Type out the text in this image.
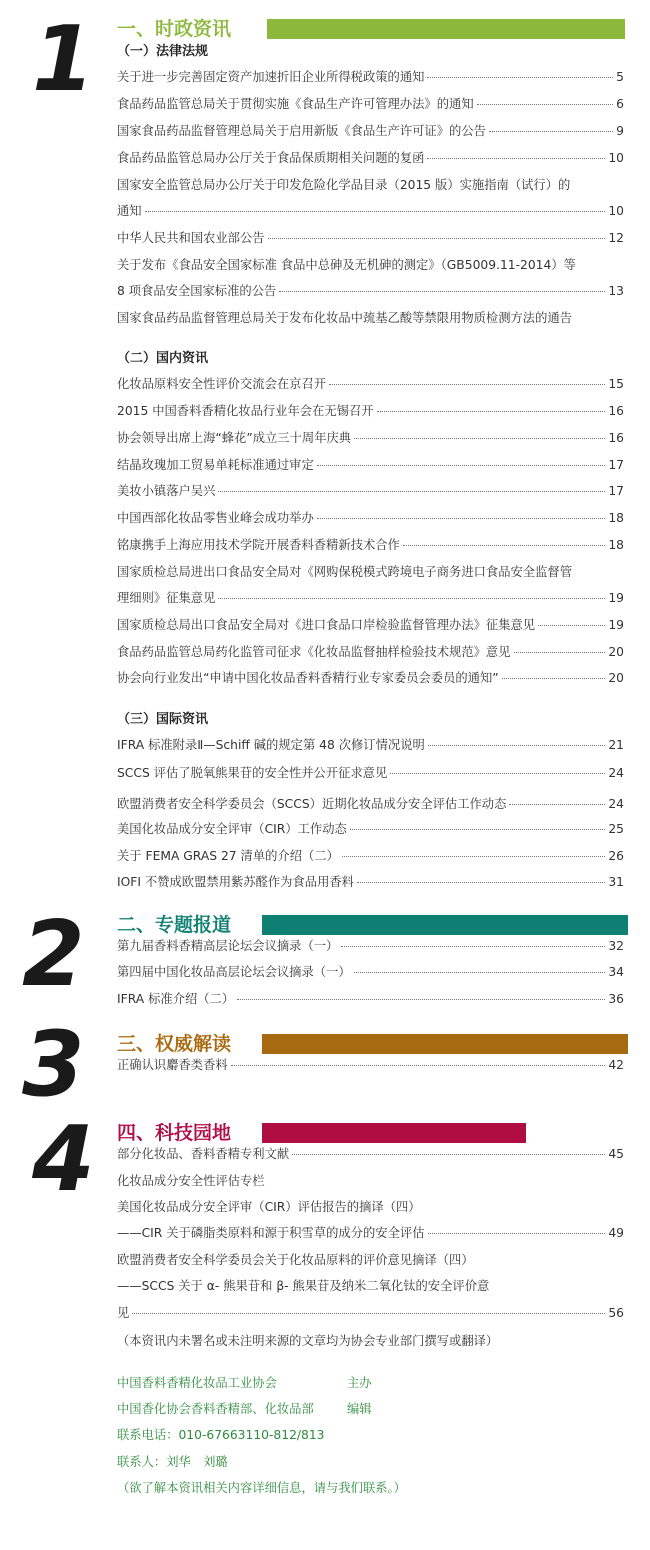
1
2
3
4
一、时政资讯
（一）法律法规
关于进一步完善固定资产加速折旧企业所得税政策的通知	5
食品药品监管总局关于贯彻实施《食品生产许可管理办法》的通知	6
国家食品药品监督管理总局关于启用新版《食品生产许可证》的公告	9
食品药品监管总局办公厅关于食品保质期相关问题的复函	10
国家安全监管总局办公厅关于印发危险化学品目录（2015 版）实施指南（试行）的
通知	10
中华人民共和国农业部公告	12
关于发布《食品安全国家标准 食品中总砷及无机砷的测定》（GB5009.11-2014）等
8 项食品安全国家标准的公告	13
国家食品药品监督管理总局关于发布化妆品中巯基乙酸等禁限用物质检测方法的通告
（二）国内资讯
化妆品原料安全性评价交流会在京召开	15
2015 中国香料香精化妆品行业年会在无锡召开	16
协会领导出席上海“蜂花”成立三十周年庆典	16
结晶玫瑰加工贸易单耗标准通过审定	17
美妆小镇落户吴兴	17
中国西部化妆品零售业峰会成功举办	18
铭康携手上海应用技术学院开展香料香精新技术合作	18
国家质检总局进出口食品安全局对《网购保税模式跨境电子商务进口食品安全监督管
理细则》征集意见	19
国家质检总局出口食品安全局对《进口食品口岸检验监督管理办法》征集意见	19
食品药品监管总局药化监管司征求《化妆品监督抽样检验技术规范》意见	20
协会向行业发出“申请中国化妆品香料香精行业专家委员会委员的通知”	20
（三）国际资讯
IFRA 标准附录Ⅱ—Schiff 碱的规定第 48 次修订情况说明	21
SCCS 评估了脱氧熊果苷的安全性并公开征求意见	24
欧盟消费者安全科学委员会（SCCS）近期化妆品成分安全评估工作动态	24
美国化妆品成分安全评审（CIR）工作动态	25
关于 FEMA GRAS 27 清单的介绍（二）	26
IOFI 不赞成欧盟禁用紫苏醛作为食品用香料	31
二、专题报道
第九届香料香精高层论坛会议摘录（一）	32
第四届中国化妆品高层论坛会议摘录（一）	34
IFRA 标准介绍（二）	36
三、权威解读
正确认识麝香类香料	42
四、科技园地
部分化妆品、香料香精专利文献	45
化妆品成分安全性评估专栏
美国化妆品成分安全评审（CIR）评估报告的摘译（四）
——CIR 关于磷脂类原料和源于积雪草的成分的安全评估	49
欧盟消费者安全科学委员会关于化妆品原料的评价意见摘译（四）
——SCCS 关于 α- 熊果苷和 β- 熊果苷及纳米二氧化钛的安全评价意
见	56
（本资讯内未署名或未注明来源的文章均为协会专业部门撰写或翻译）
中国香料香精化妆品工业协会	主办
中国香化协会香料香精部、化妆品部	编辑
联系电话：010-67663110-812/813
联系人：刘华　刘璐
（欲了解本资讯相关内容详细信息，请与我们联系。）
